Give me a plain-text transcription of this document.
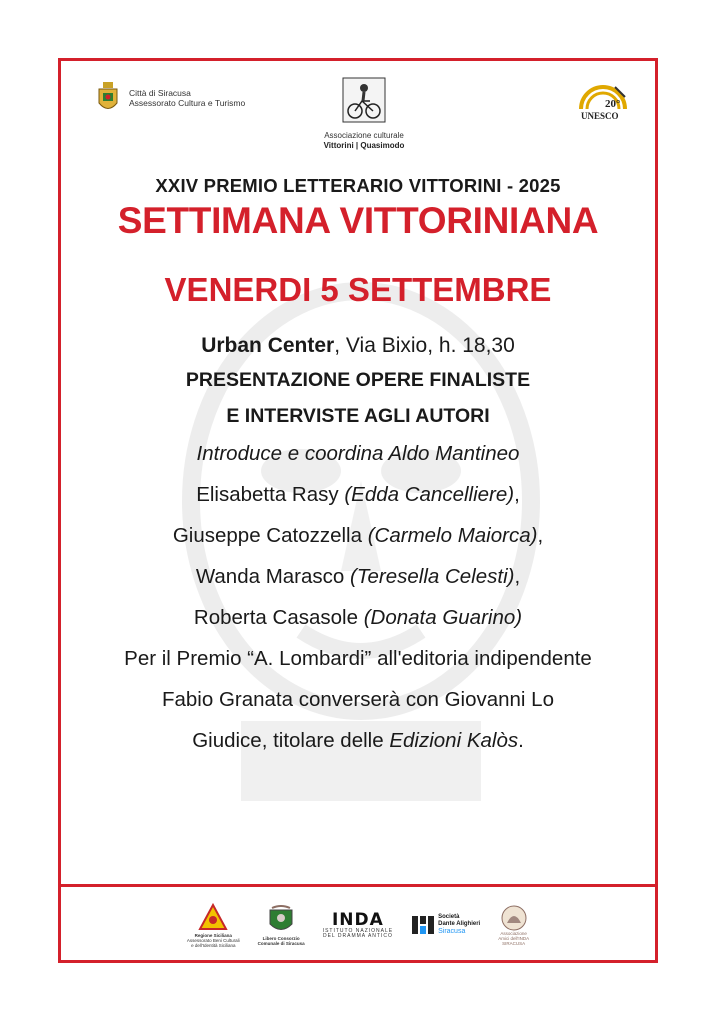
Città di Siracusa
Assessorato Cultura e Turismo
Associazione culturale
Vittorini | Quasimodo
20°
UNESCO

XXIV PREMIO LETTERARIO VITTORINI - 2025

SETTIMANA VITTORINIANA

VENERDI 5 SETTEMBRE

Urban Center, Via Bixio, h. 18,30

PRESENTAZIONE OPERE FINALISTE

E INTERVISTE AGLI AUTORI

Introduce e coordina Aldo Mantineo

Elisabetta Rasy (Edda Cancelliere),

Giuseppe Catozzella (Carmelo Maiorca),

Wanda Marasco (Teresella Celesti),

Roberta Casasole (Donata Guarino)

Per il Premio “A. Lombardi” all'editoria indipendente

Fabio Granata converserà con Giovanni Lo

Giudice, titolare delle Edizioni Kalòs.

Regione Siciliana
Assessorato Beni Culturali
e dell'Identità Siciliana
Libero Consorzio
Comunale di Siracusa
INDA
ISTITUTO NAZIONALE
DEL DRAMMA ANTICO
Società
Dante Alighieri
Siracusa	Associazione
Amici dell'INDA
SIRACUSA
